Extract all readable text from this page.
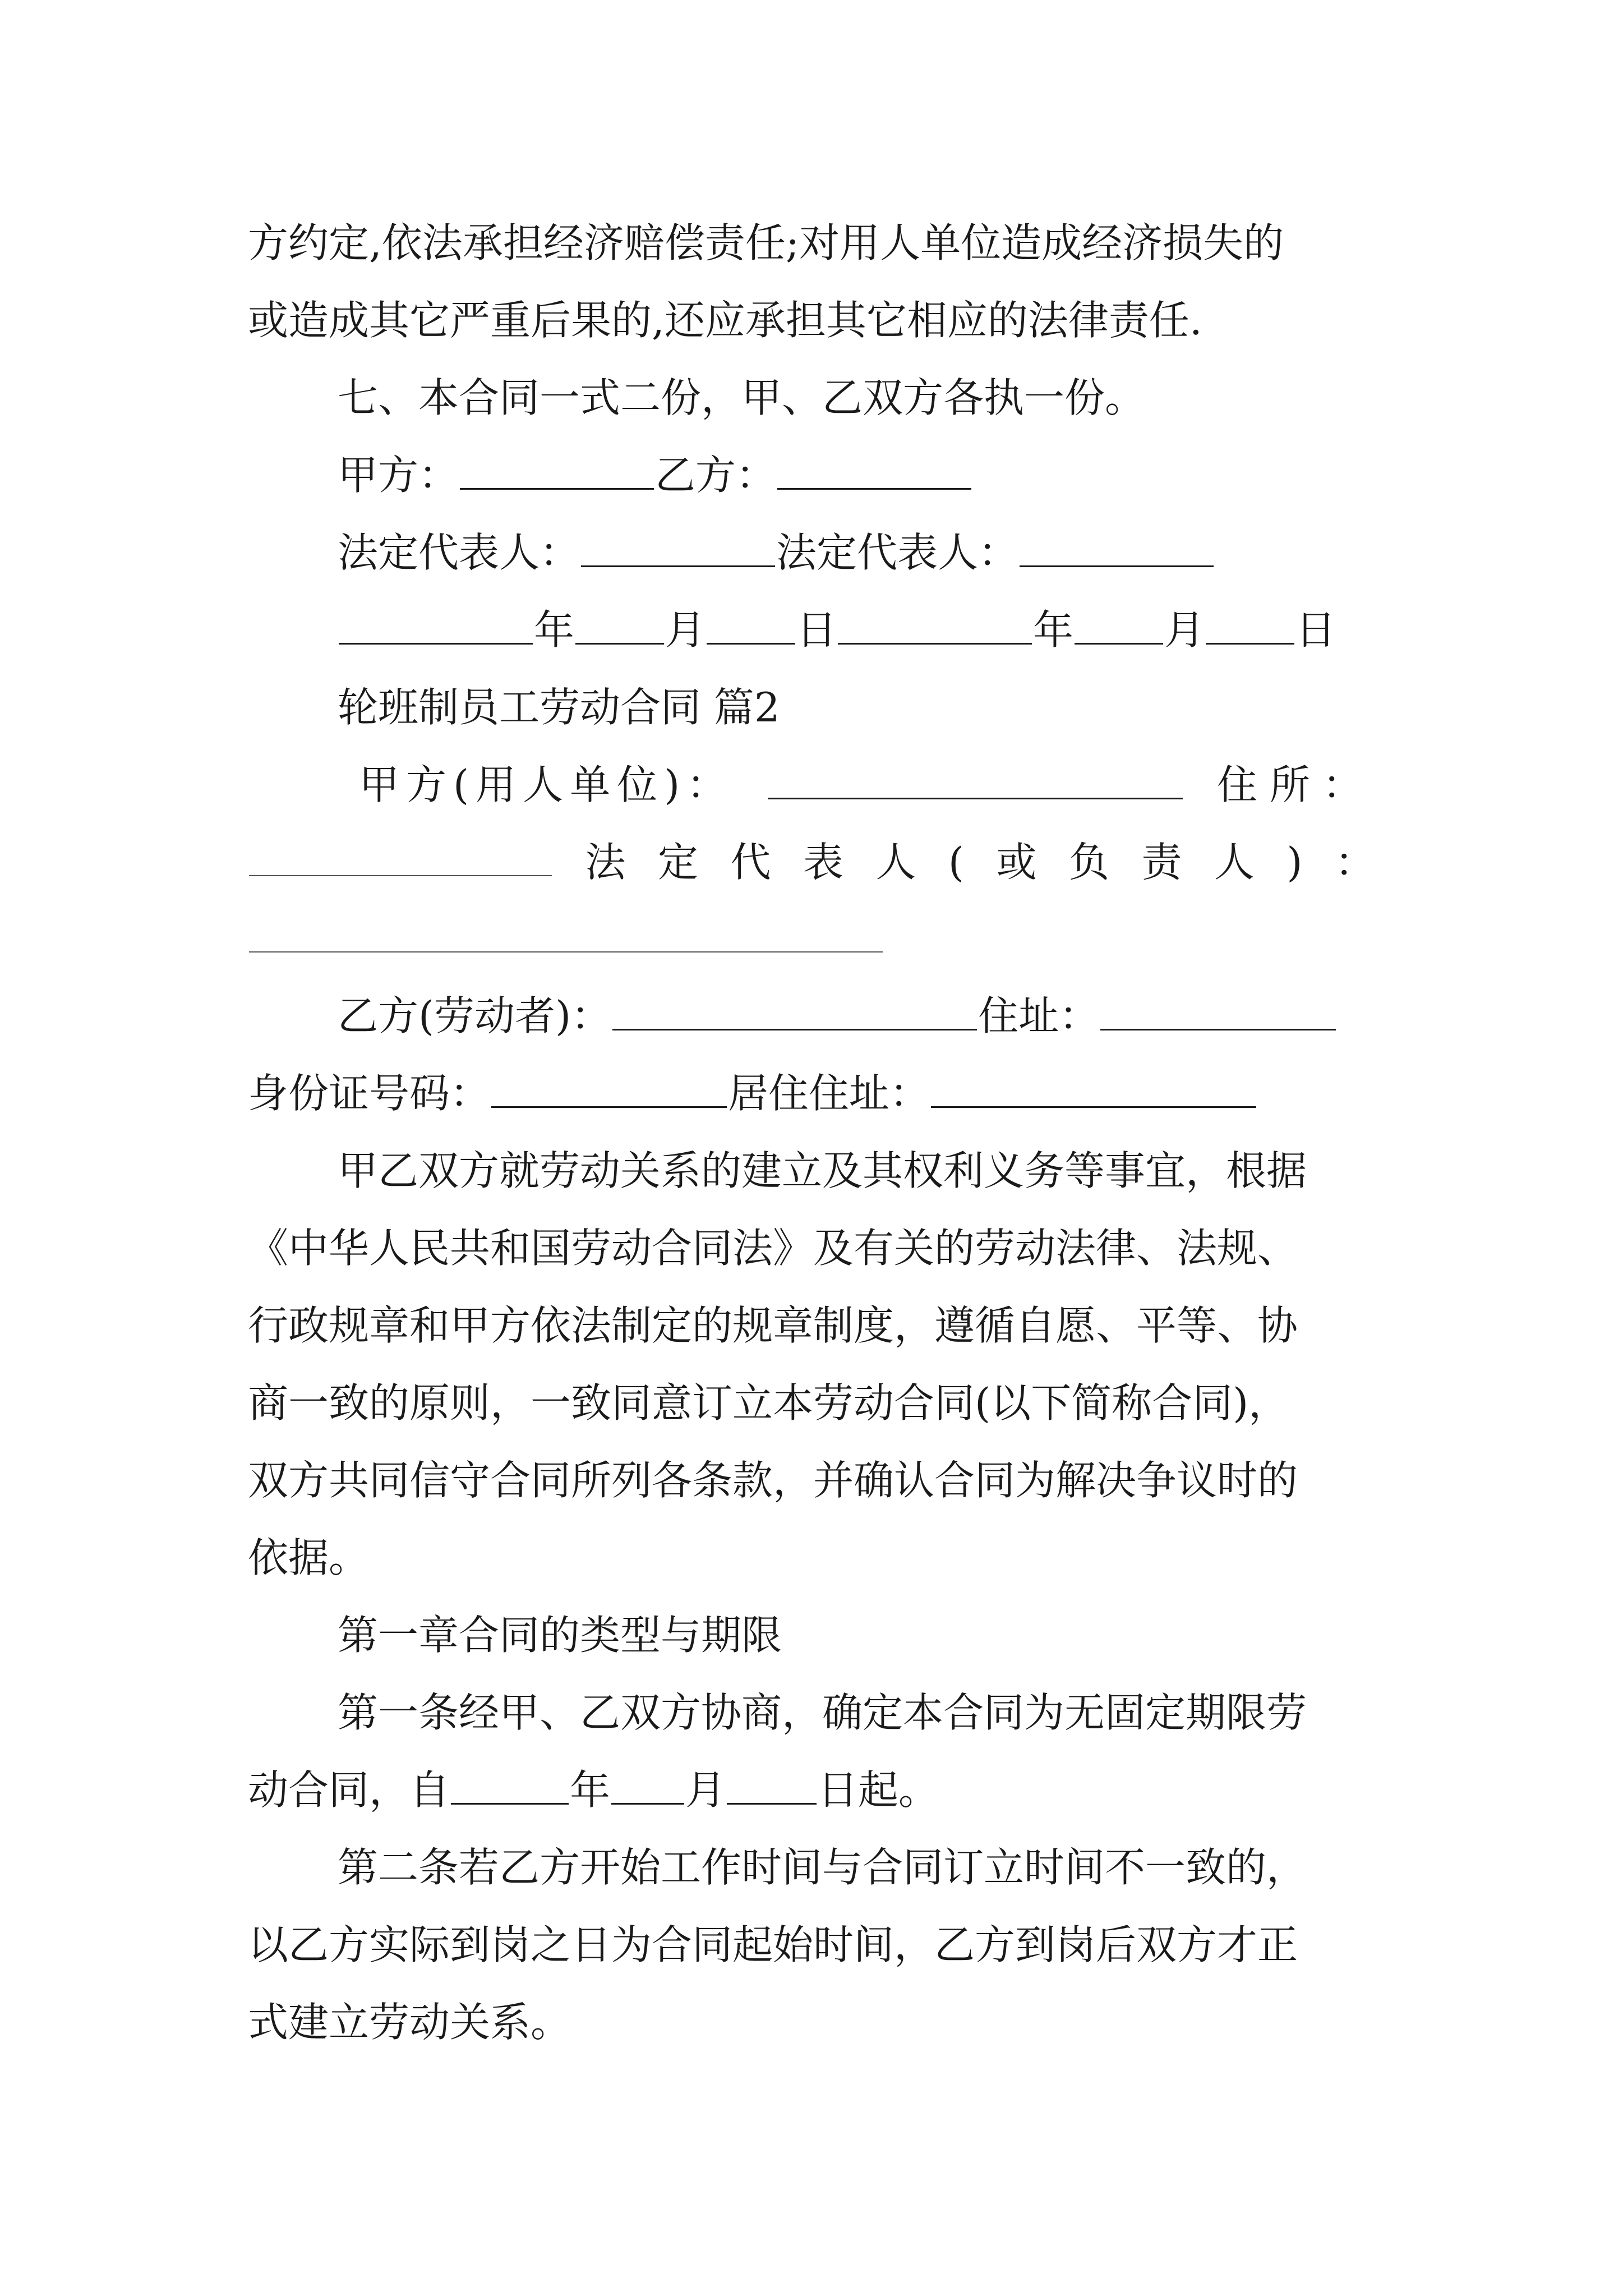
方约定,依法承担经济赔偿责任;对用人单位造成经济损失的
或造成其它严重后果的,还应承担其它相应的法律责任.
七、本合同一式二份，甲、乙双方各执一份。
甲方：	乙方：
法定代表人：	法定代表人：
年 月 日	年 月 日
轮班制员工劳动合同 篇2
甲方(用人单位)：	住所：
法 定 代 表 人 ( 或 负 责 人 ) ：
乙方(劳动者)：	住址：
身份证号码：	居住住址：
甲乙双方就劳动关系的建立及其权利义务等事宜，根据
《中华人民共和国劳动合同法》及有关的劳动法律、法规、
行政规章和甲方依法制定的规章制度，遵循自愿、平等、协
商一致的原则，一致同意订立本劳动合同(以下简称合同)，
双方共同信守合同所列各条款，并确认合同为解决争议时的
依据。
第一章合同的类型与期限
第一条经甲、乙双方协商，确定本合同为无固定期限劳
动合同，自	年 月 日起。
第二条若乙方开始工作时间与合同订立时间不一致的，
以乙方实际到岗之日为合同起始时间，乙方到岗后双方才正
式建立劳动关系。
